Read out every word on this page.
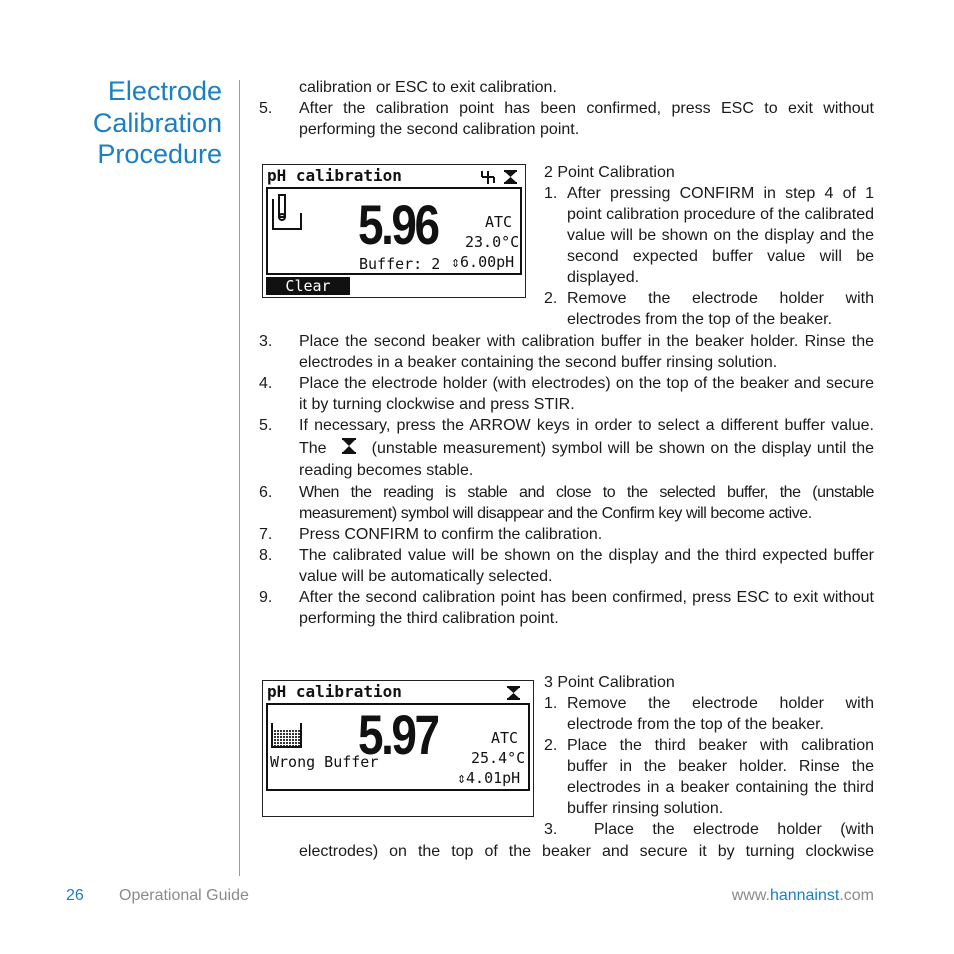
Electrode
Calibration
Procedure
calibration or ESC to exit calibration.
5. After the calibration point has been confirmed, press ESC to exit without performing the second calibration point.
pH calibration
5.96	ATC
23.0°C
Buffer: 2 ⇕6.00pH
Clear
2 Point Calibration
1. After pressing CONFIRM in step 4 of 1 point calibration procedure of the calibrated value will be shown on the display and the second expected buffer value will be displayed.
2. Remove the electrode holder with electrodes from the top of the beaker.
3. Place the second beaker with calibration buffer in the beaker holder. Rinse the electrodes in a beaker containing the second buffer rinsing solution.
4. Place the electrode holder (with electrodes) on the top of the beaker and secure it by turning clockwise and press STIR.
5. If necessary, press the ARROW keys in order to select a different buffer value. The	(unstable measurement) symbol will be shown on the display until the reading becomes stable.
6. When the reading is stable and close to the selected buffer, the (unstable measurement) symbol will disappear and the Confirm key will become active.
7. Press CONFIRM to confirm the calibration.
8. The calibrated value will be shown on the display and the third expected buffer value will be automatically selected.
9. After the second calibration point has been confirmed, press ESC to exit without performing the third calibration point.
pH calibration
5.97	ATC
25.4°C
Wrong Buffer
⇕4.01pH
3 Point Calibration
1. Remove the electrode holder with electrode from the top of the beaker.
2. Place the third beaker with calibration buffer in the beaker holder. Rinse the electrodes in a beaker containing the third buffer rinsing solution.
3. Place the electrode holder (with
electrodes) on the top of the beaker and secure it by turning clockwise
26 Operational Guide	www.hannainst.com
